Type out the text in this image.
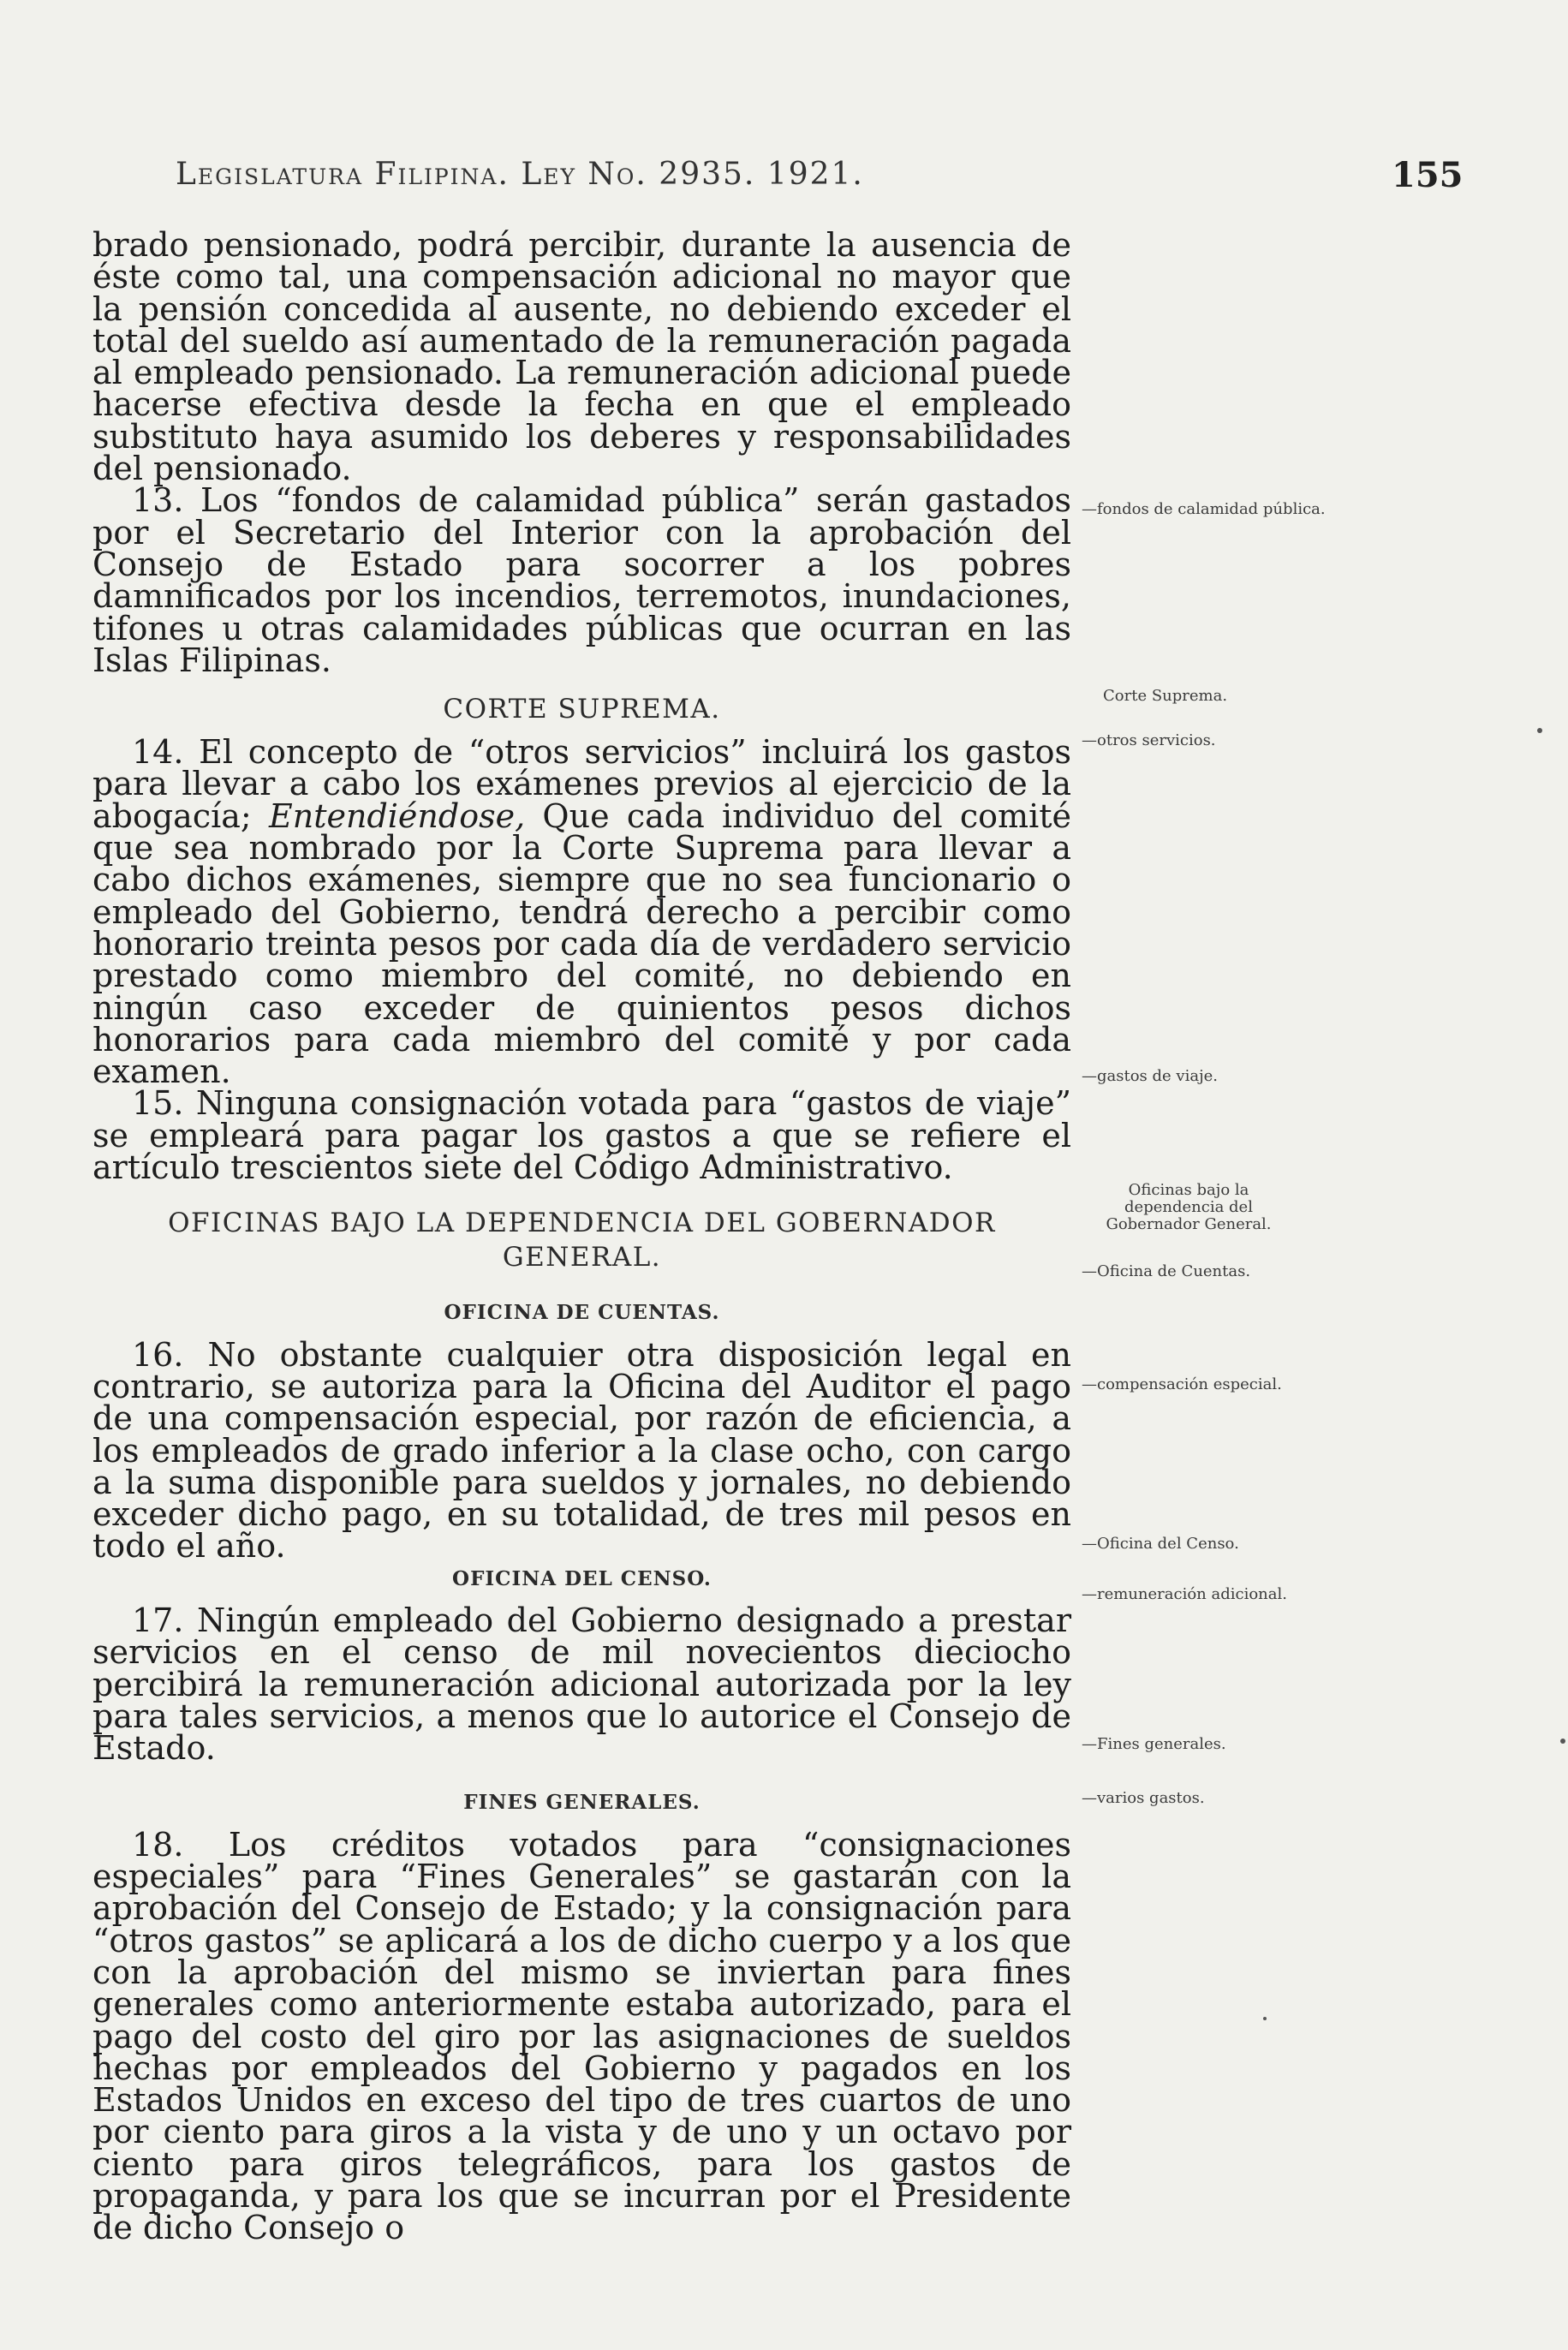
Legislatura Filipina. Ley No. 2935. 1921.	155

brado pensionado, podrá percibir, durante la ausencia de éste como tal, una compensación adicional no mayor que la pensión concedida al ausente, no debiendo exceder el total del sueldo así aumentado de la remuneración pagada al empleado pensionado. La remuneración adicional puede hacerse efectiva desde la fecha en que el empleado substituto haya asumido los deberes y responsabilidades del pensionado.

13. Los “fondos de calamidad pública” serán gastados por el Secretario del Interior con la aprobación del Consejo de Estado para socorrer a los pobres damnificados por los incendios, terremotos, inundaciones, tifones u otras calamidades públicas que ocurran en las Islas Filipinas.

CORTE SUPREMA.

14. El concepto de “otros servicios” incluirá los gastos para llevar a cabo los exámenes previos al ejercicio de la abogacía; Entendiéndose, Que cada individuo del comité que sea nombrado por la Corte Suprema para llevar a cabo dichos exámenes, siempre que no sea funcionario o empleado del Gobierno, tendrá derecho a percibir como honorario treinta pesos por cada día de verdadero servicio prestado como miembro del comité, no debiendo en ningún caso exceder de quinientos pesos dichos honorarios para cada miembro del comité y por cada examen.

15. Ninguna consignación votada para “gastos de viaje” se empleará para pagar los gastos a que se refiere el artículo trescientos siete del Código Administrativo.

OFICINAS BAJO LA DEPENDENCIA DEL GOBERNADOR

GENERAL.

OFICINA DE CUENTAS.

16. No obstante cualquier otra disposición legal en contrario, se autoriza para la Oficina del Auditor el pago de una compensación especial, por razón de eficiencia, a los empleados de grado inferior a la clase ocho, con cargo a la suma disponible para sueldos y jornales, no debiendo exceder dicho pago, en su totalidad, de tres mil pesos en todo el año.

OFICINA DEL CENSO.

17. Ningún empleado del Gobierno designado a prestar servicios en el censo de mil novecientos dieciocho percibirá la remuneración adicional autorizada por la ley para tales servicios, a menos que lo autorice el Consejo de Estado.

FINES GENERALES.

18. Los créditos votados para “consignaciones especiales” para “Fines Generales” se gastarán con la aprobación del Consejo de Estado; y la consignación para “otros gastos” se aplicará a los de dicho cuerpo y a los que con la aprobación del mismo se inviertan para fines generales como anteriormente estaba autorizado, para el pago del costo del giro por las asignaciones de sueldos hechas por empleados del Gobierno y pagados en los Estados Unidos en exceso del tipo de tres cuartos de uno por ciento para giros a la vista y de uno y un octavo por ciento para giros telegráficos, para los gastos de propaganda, y para los que se incurran por el Presidente de dicho Consejo o

—fondos de calamidad pública.
Corte Suprema.
—otros servicios.
—gastos de viaje.
Oficinas bajo la dependencia del Gobernador General.
—Oficina de Cuentas.
—compensación especial.
—Oficina del Censo.
—remuneración adicional.
—Fines generales.
—varios gastos.
